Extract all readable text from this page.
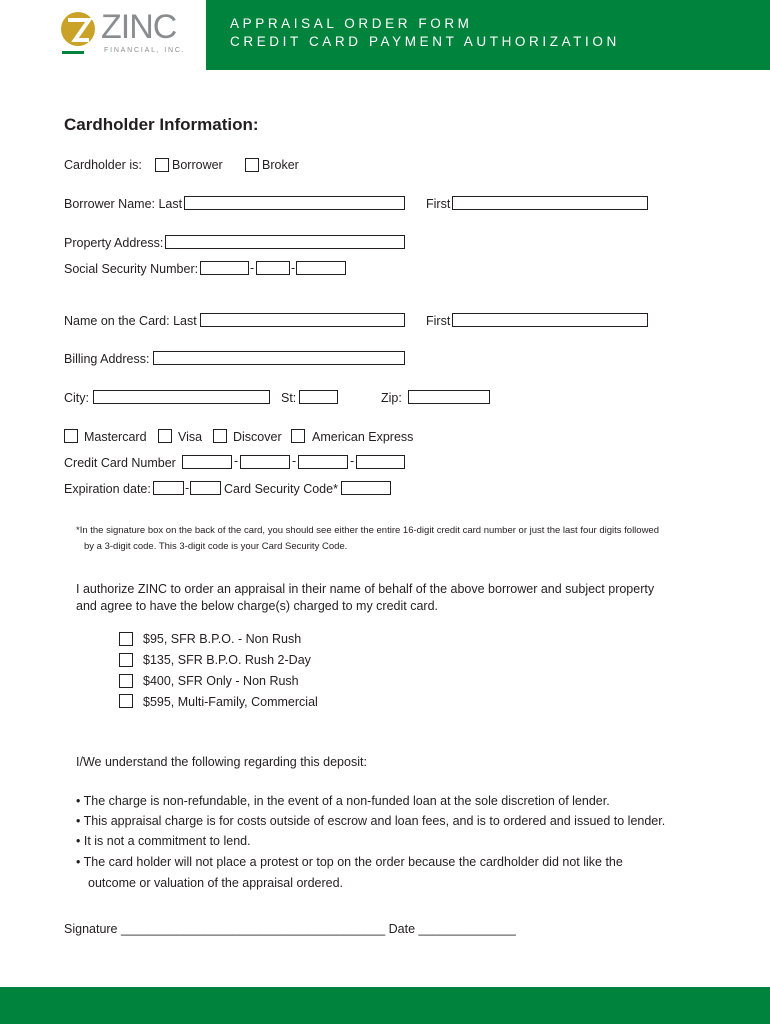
ZINC
FINANCIAL, INC.
APPRAISAL ORDER FORM
CREDIT CARD PAYMENT AUTHORIZATION
Cardholder Information:
Cardholder is: Borrower	Broker
Borrower Name: Last	First
Property Address:
Social Security Number:	-	-
Name on the Card: Last	First
Billing Address:
City:	St:	Zip:
Mastercard	Visa Discover American Express
Credit Card Number	-	-	-
Expiration date:	-	Card Security Code*
*In the signature box on the back of the card, you should see either the entire 16-digit credit card number or just the last four digits followed
by a 3-digit code. This 3-digit code is your Card Security Code.
I authorize ZINC to order an appraisal in their name of behalf of the above borrower and subject property
and agree to have the below charge(s) charged to my credit card.
$95, SFR B.P.O. - Non Rush
$135, SFR B.P.O. Rush 2-Day
$400, SFR Only - Non Rush
$595, Multi-Family, Commercial
I/We understand the following regarding this deposit:
• The charge is non-refundable, in the event of a non-funded loan at the sole discretion of lender.
• This appraisal charge is for costs outside of escrow and loan fees, and is to ordered and issued to lender.
• It is not a commitment to lend.
• The card holder will not place a protest or top on the order because the cardholder did not like the
outcome or valuation of the appraisal ordered.
Signature ______________________________________ Date ______________
